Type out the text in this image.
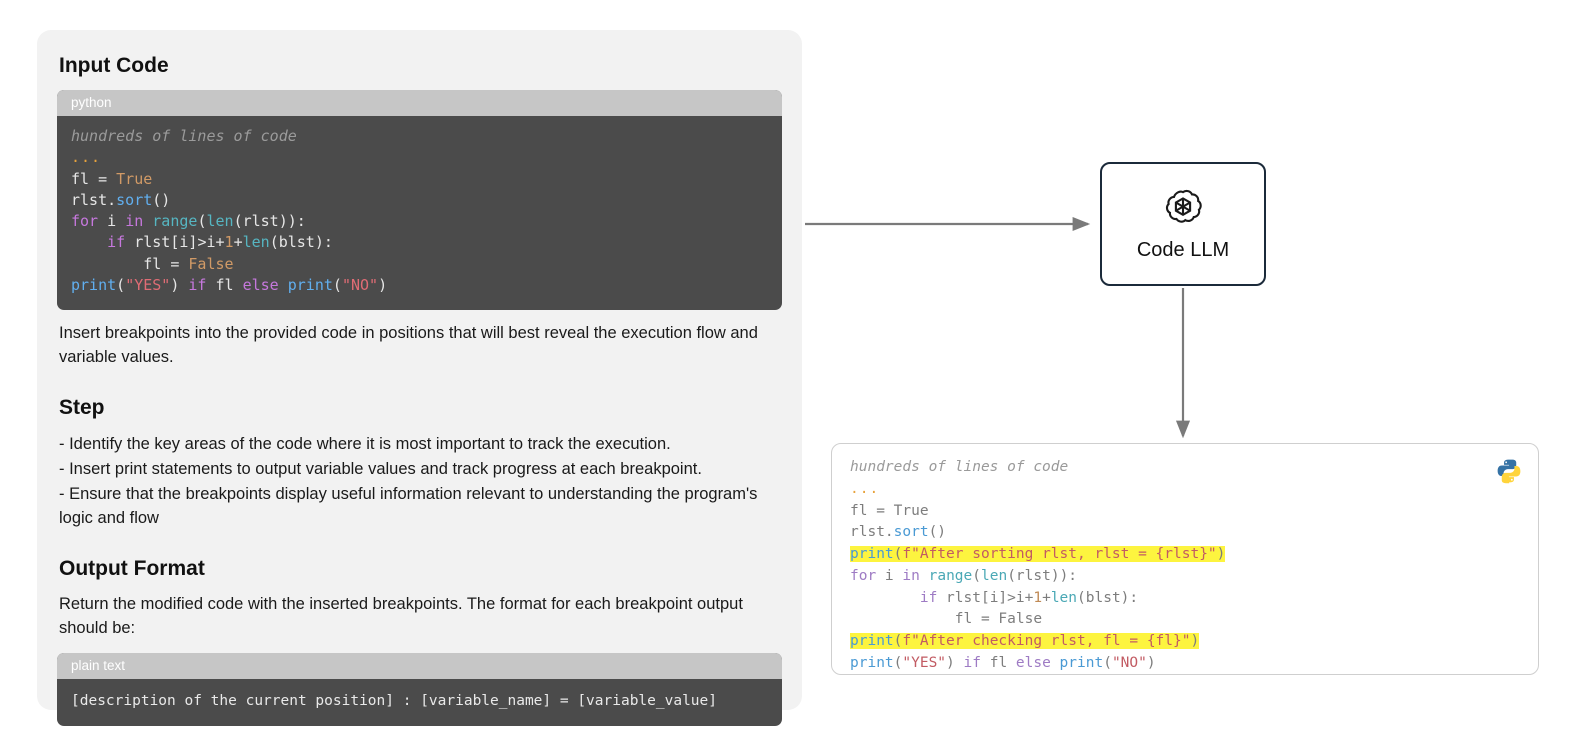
Input Code
python
hundreds of lines of code
...
fl = True
rlst.sort()
for i in range(len(rlst)):
if rlst[i]>i+1+len(blst):
fl = False
print("YES") if fl else print("NO")
Insert breakpoints into the provided code in positions that will best reveal the execution flow and variable values.
Step
- Identify the key areas of the code where it is most important to track the execution.
- Insert print statements to output variable values and track progress at each breakpoint.
- Ensure that the breakpoints display useful information relevant to understanding the program's logic and flow
Output Format
Return the modified code with the inserted breakpoints. The format for each breakpoint output should be:
plain text
[description of the current position] : [variable_name] = [variable_value]
Code LLM
hundreds of lines of code
...
fl = True
rlst.sort()
print(f"After sorting rlst, rlst = {rlst}")
for i in range(len(rlst)):
if rlst[i]>i+1+len(blst):
fl = False
print(f"After checking rlst, fl = {fl}")
print("YES") if fl else print("NO")
